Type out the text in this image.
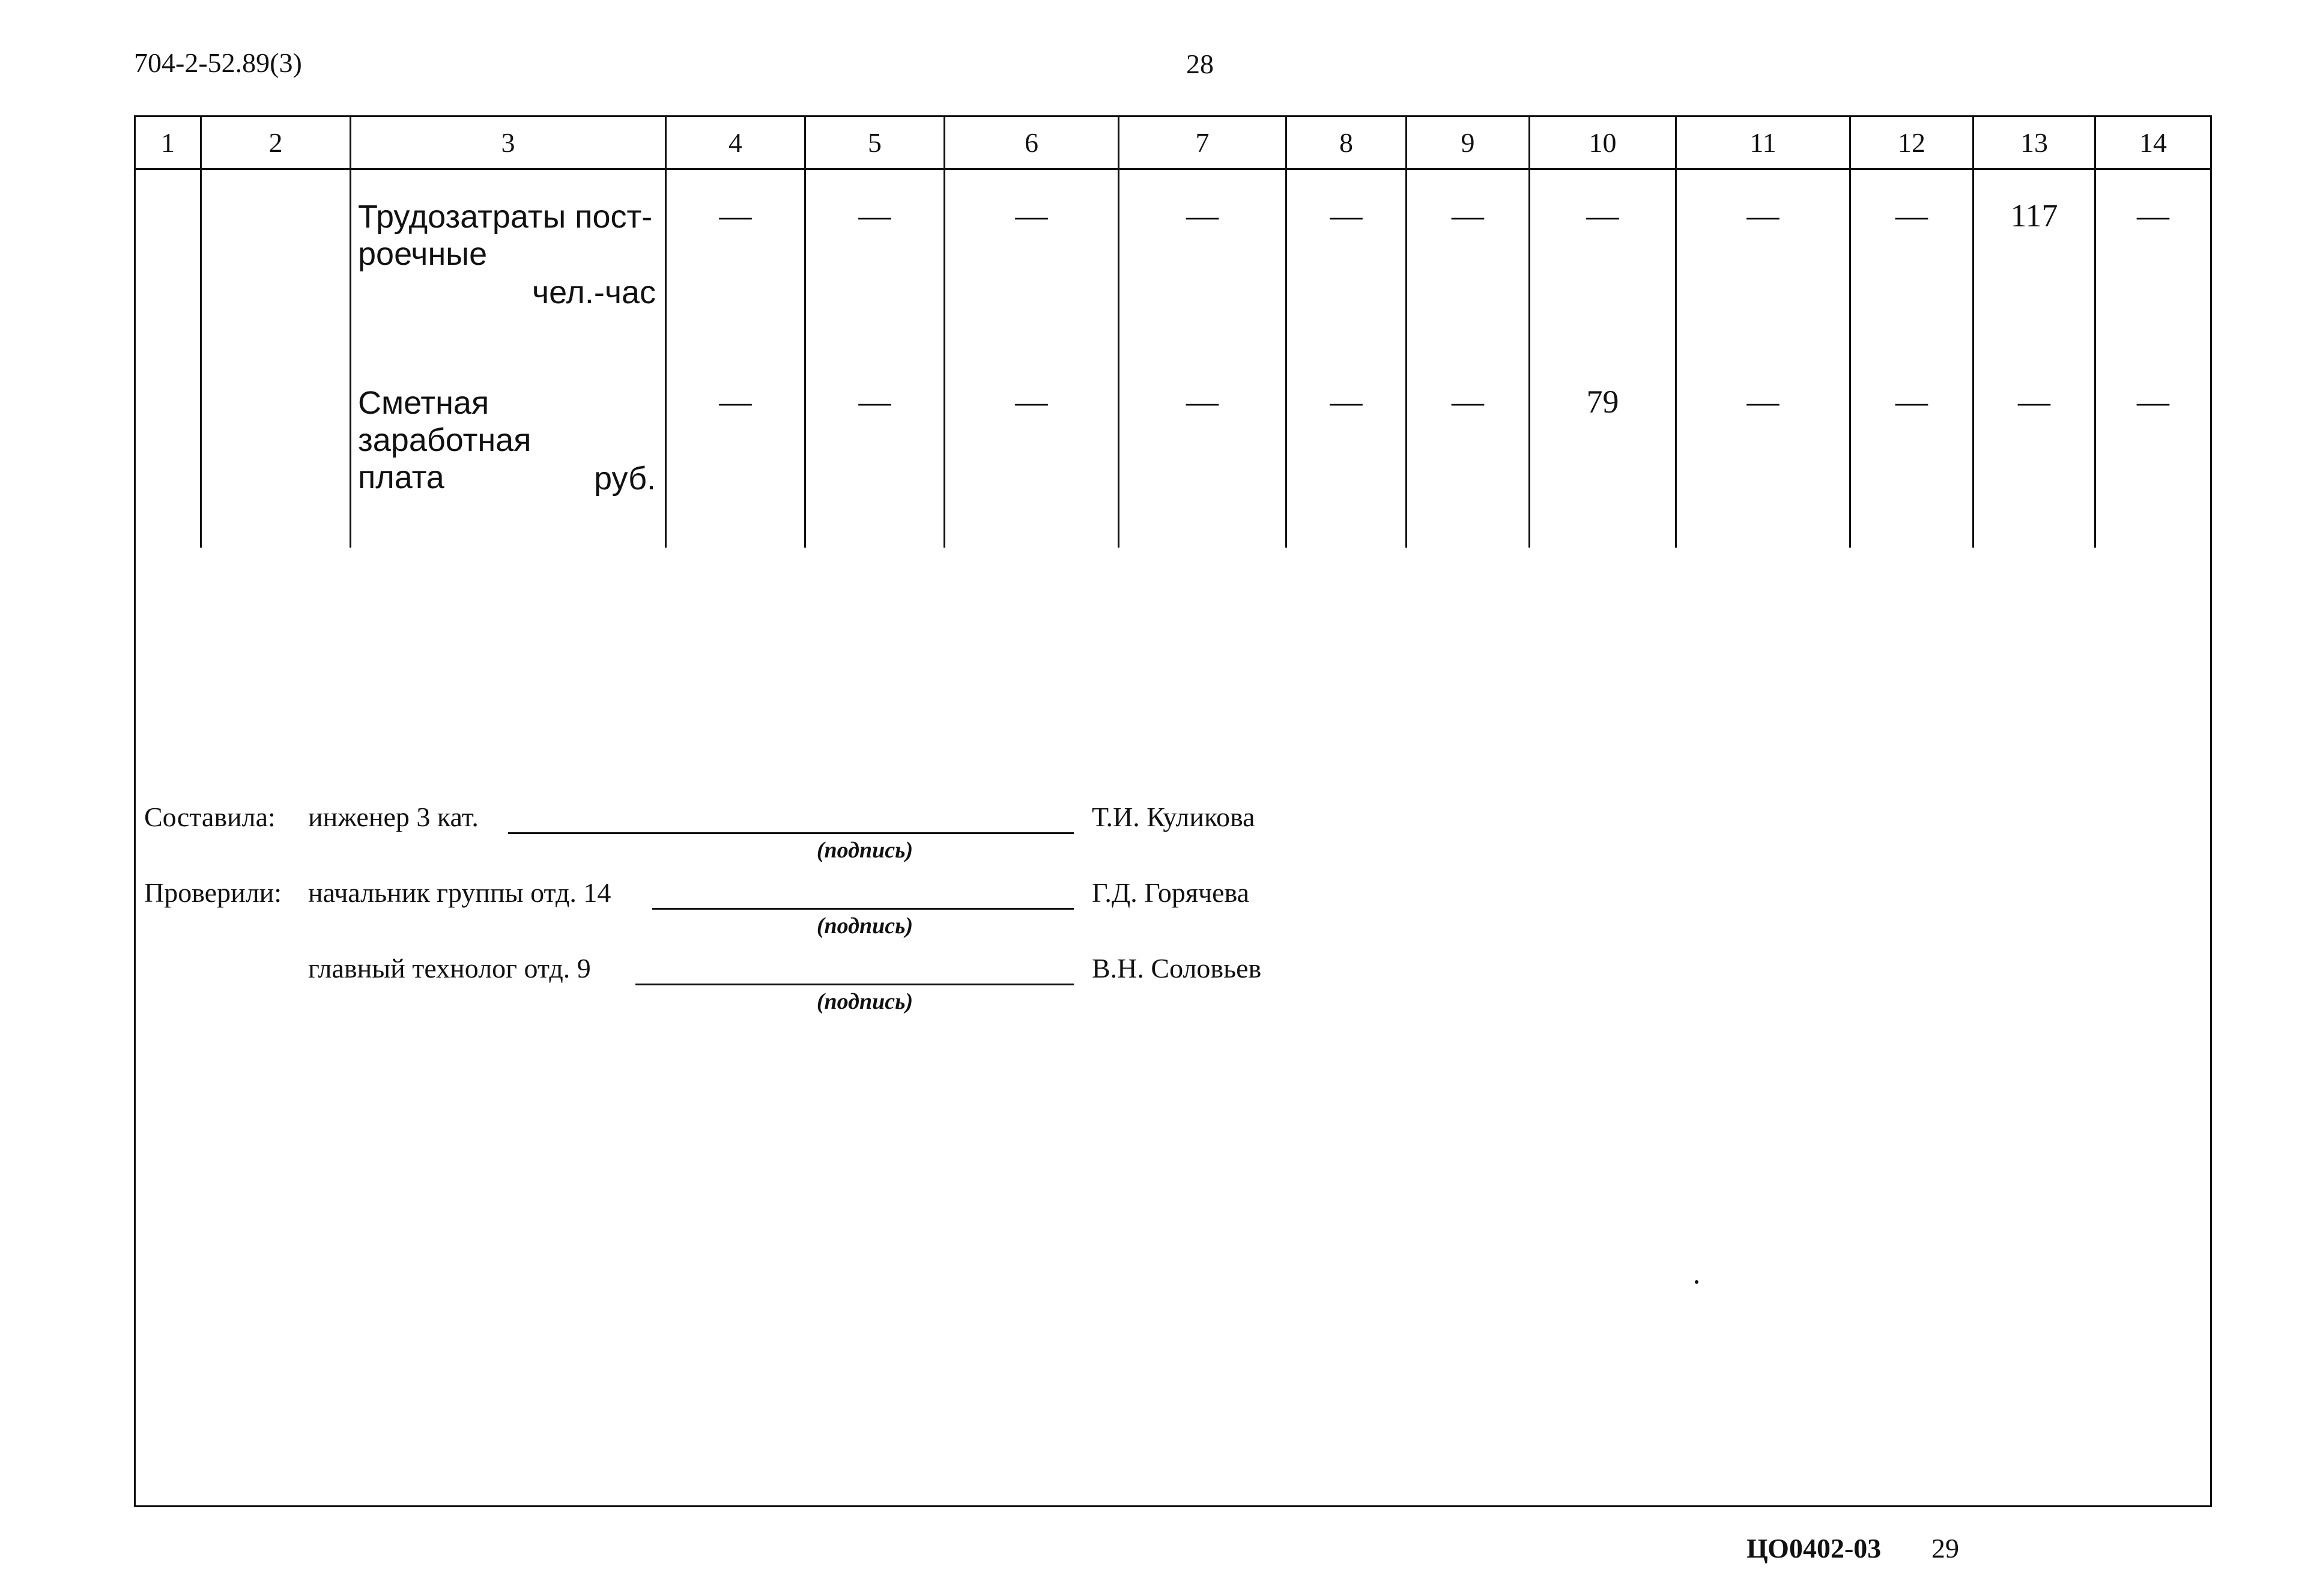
704-2-52.89(3)	28
1	2	3	4	5	6	7	8	9	10	11	12	13	14
Трудозатраты пост-
роечные
чел.-час
—	—	—	—	—	—	—	—	—	117	—
Сметная заработная
плата	руб.
—	—	—	—	—	—	79	—	—	—	—
Составила: инженер 3 кат.	Т.И. Куликова
(подпись)
Проверили: начальник группы отд. 14	Г.Д. Горячева
(подпись)
главный технолог отд. 9	В.Н. Соловьев
(подпись)
ЦО0402-03 29
